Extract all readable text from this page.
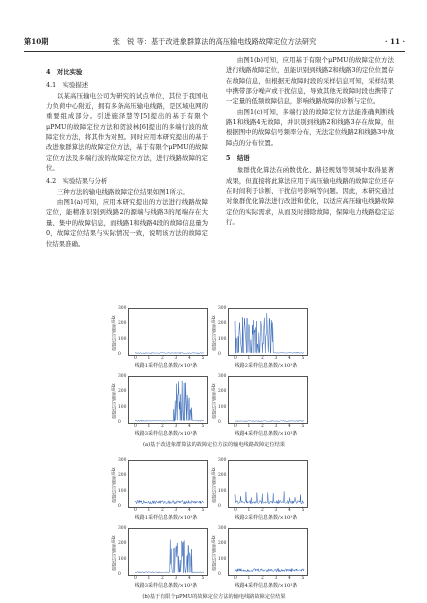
第10期	张　锐 等：基于改进象群算法的高压输电线路故障定位方法研究	· 11 ·

4　对比实验

4.1　实验描述

以某高压输电公司为研究的试点单位，其位于我国电力负荷中心附近，拥有多条高压输电线路，是区域电网的重要组成部分。引进施泽慧等[5]提出的基于有限个μPMU的故障定位方法和贺波林[6]提出的多端行波的故障定位方法，将其作为对照。同时应用本研究提出的基于改进象群算法的故障定位方法，基于有限个μPMU的故障定位方法及多端行波的故障定位方法，进行线路故障的定位。

4.2　实验结果与分析

三种方法的输电线路故障定位结果如图1所示。

由图1(a)可知，应用本研究提出的方法进行线路故障定位，能精准识别到线路2的源端与线路3的尾端存在大量、集中的故障信息，而线路1和线路4段的故障信息量为0，故障定位结果与实际情况一致，说明该方法的故障定位结果准确。

由图1(b)可知，应用基于有限个μPMU的故障定位方法进行线路故障定位，虽能识别到线路2和线路3的定位位置存在故障信息，但根据无故障时段的采样信息可知，采样结果中携带部分噪声或干扰信息，导致其他无故障时段也携带了一定量的低频故障信息，影响线路故障的诊断与定位。

由图1(c)可知，多端行波的故障定位方法能准确判断线路1和线路4无故障，并识别到线路2和线路3存在故障，但根据图中的故障信号频率分布，无法定位线路2和线路3中故障点的分布位置。

5　结语

象群优化算法在函数优化、路径规划等领域中取得显著成果，但直接将此算法应用于高压输电线路的故障定位还存在时间利于诊断、干扰信号影响等问题。因此，本研究通过对象群优化算法进行改进和优化，以适应高压输电线路故障定位的实际需求，从而及时排除故障，保障电力线路稳定运行。

故障信号频率/Hz
300
200
100
0
0 1 2 3 4 5
线路1采样信息条数/×10³条
故障信号频率/Hz
300
200
100
0
0 1 2 3 4 5
线路2采样信息条数/×10³条
故障信号频率/Hz
300
200
100
0
0 1 2 3 4 5
线路3采样信息条数/×10³条
故障信号频率/Hz
300
200
100
0
0 1 2 3 4 5
线路4采样信息条数/×10³条
故障信号频率/Hz
300
200
100
0
0 1 2 3 4 5
线路1采样信息条数/×10³条
故障信号频率/Hz
300
200
100
0
0 1 2 3 4 5
线路2采样信息条数/×10³条
故障信号频率/Hz
300
200
100
0
0 1 2 3 4 5
线路3采样信息条数/×10³条
故障信号频率/Hz
300
200
100
0
0 1 2 3 4 5
线路4采样信息条数/×10³条
(a)基于改进象群算法的故障定位方法的输电线路故障定位结果
(b)基于有限个μPMU的故障定位方法的输电线路故障定位结果
